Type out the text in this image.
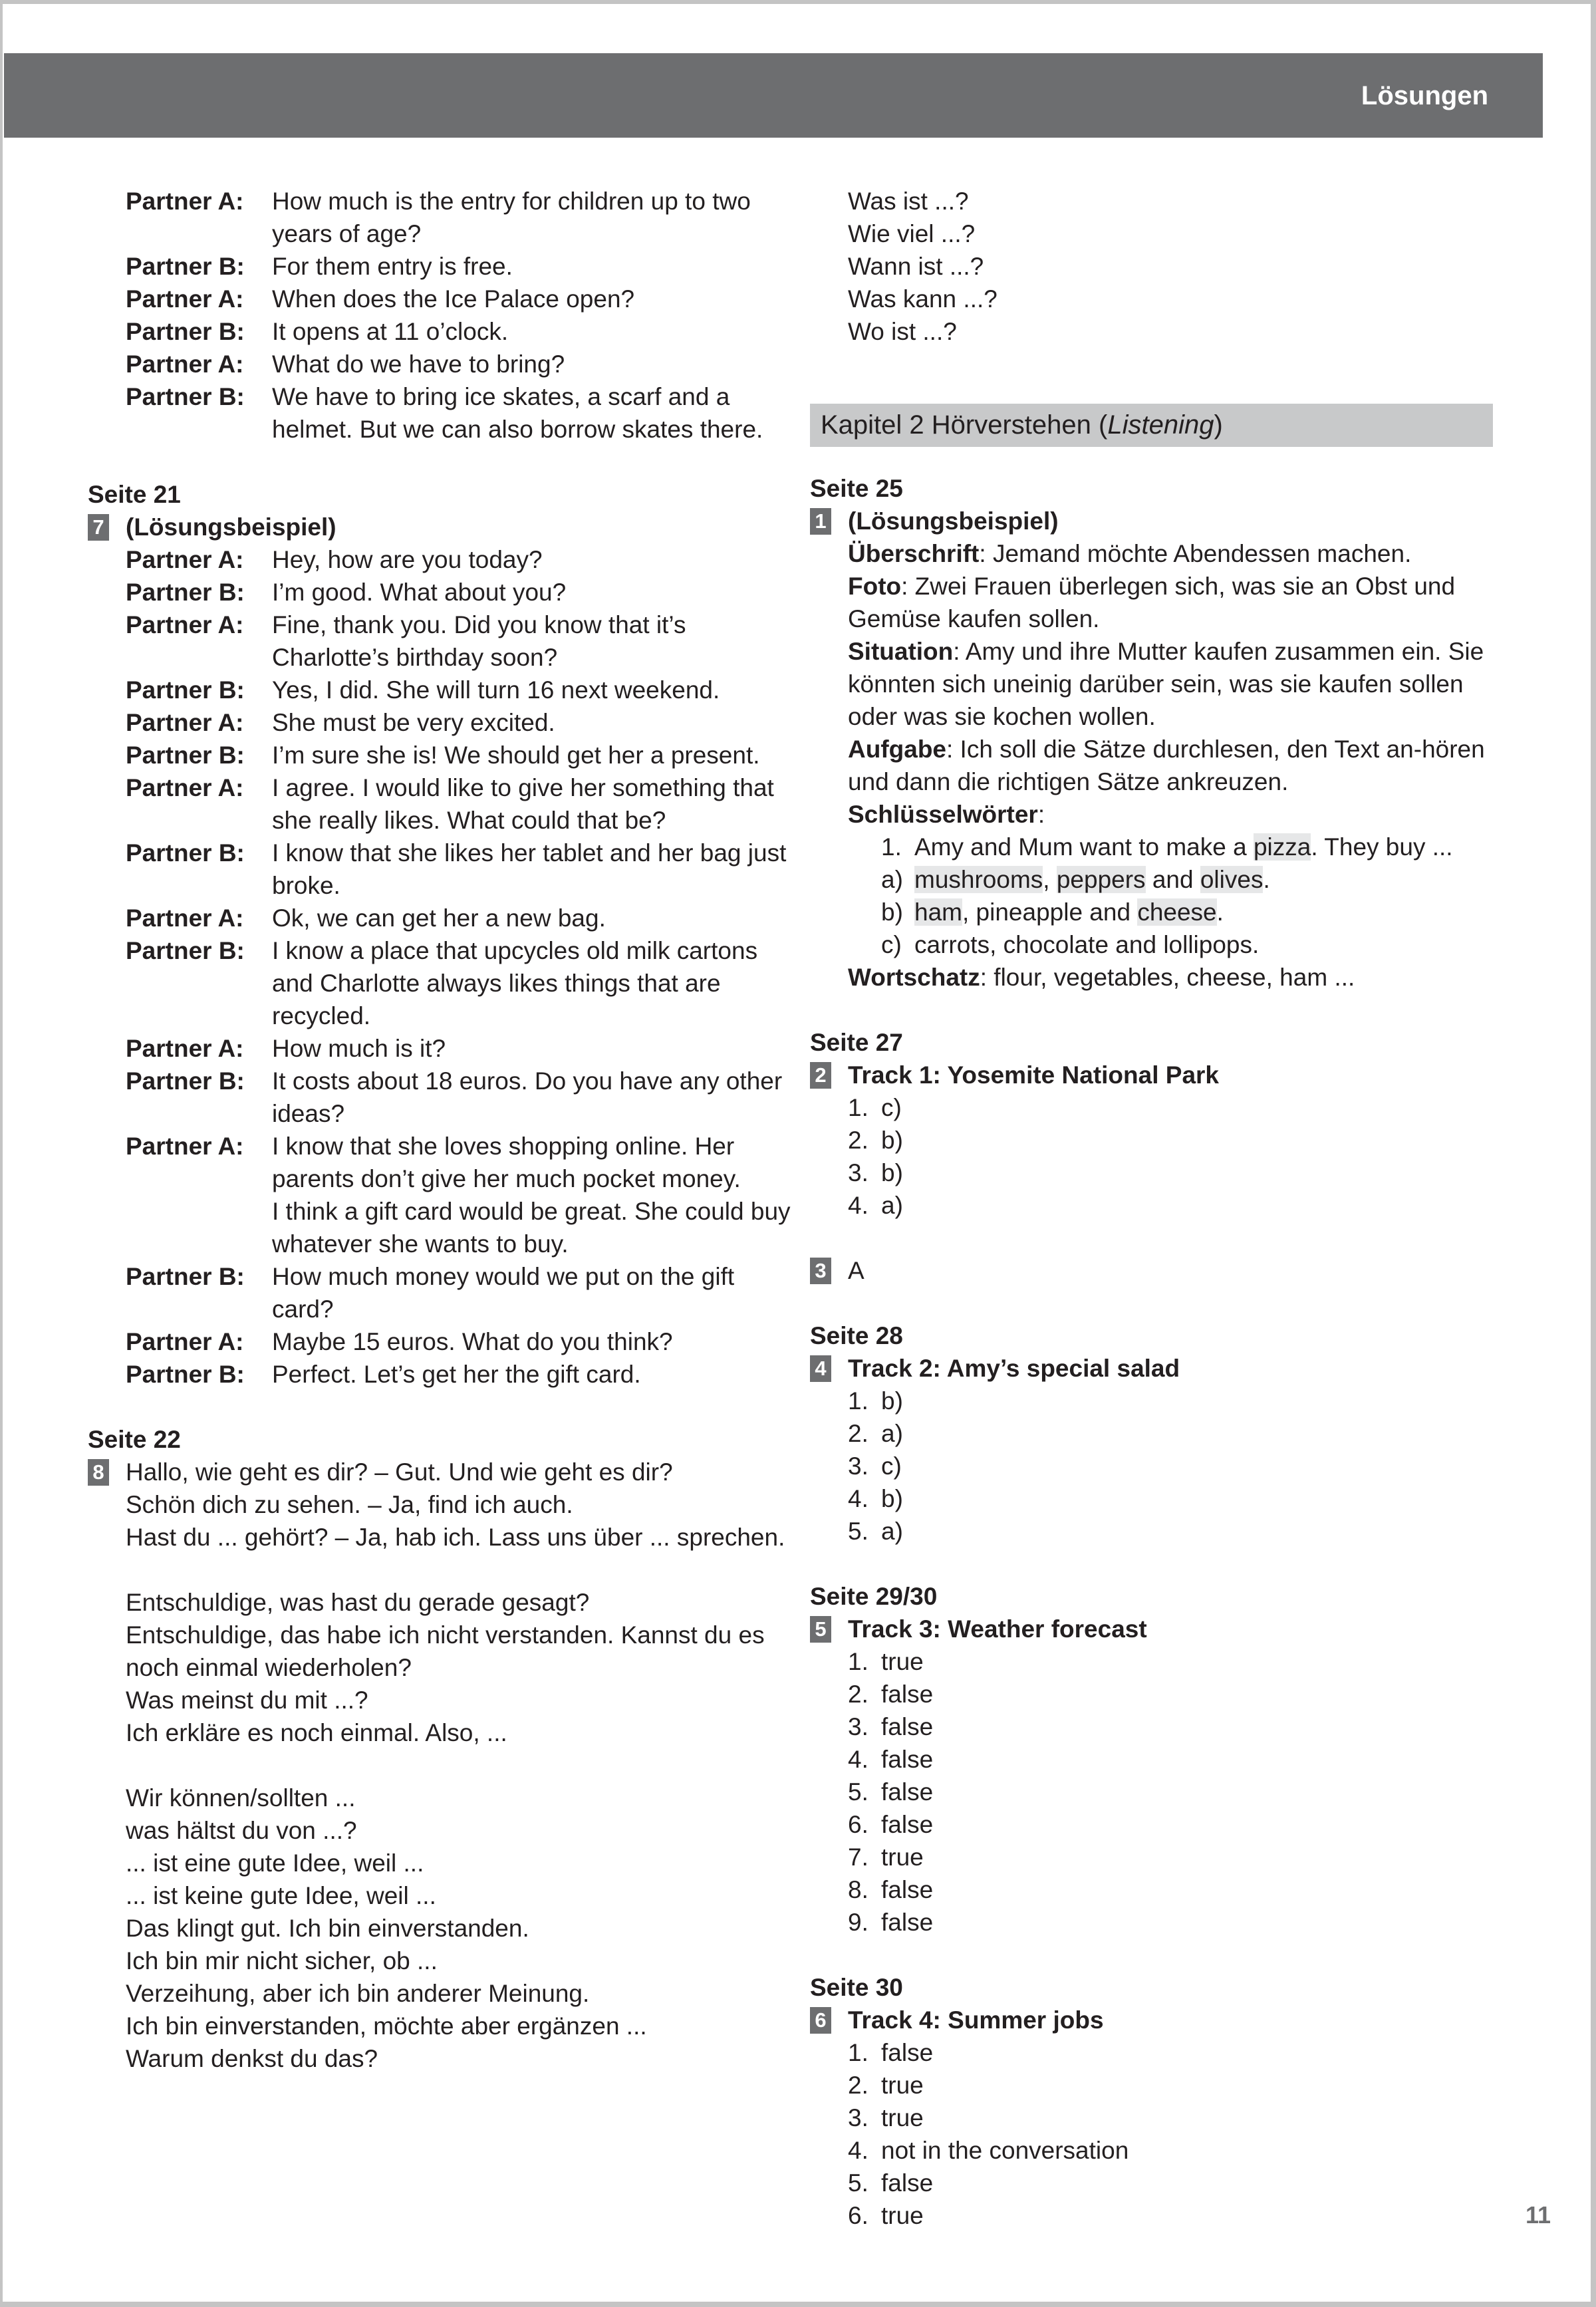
Lösungen
Partner A:	How much is the entry for children up to two years of age?
Partner B:	For them entry is free.
Partner A:	When does the Ice Palace open?
Partner B:	It opens at 11 o’clock.
Partner A:	What do we have to bring?
Partner B:	We have to bring ice skates, a scarf and a helmet. But we can also borrow skates there.
Seite 21
7 (Lösungsbeispiel)
Partner A:	Hey, how are you today?
Partner B:	I’m good. What about you?
Partner A:	Fine, thank you. Did you know that it’s Charlotte’s birthday soon?
Partner B:	Yes, I did. She will turn 16 next weekend.
Partner A:	She must be very excited.
Partner B:	I’m sure she is! We should get her a present.
Partner A:	I agree. I would like to give her something that she really likes. What could that be?
Partner B:	I know that she likes her tablet and her bag just broke.
Partner A:	Ok, we can get her a new bag.
Partner B:	I know a place that upcycles old milk cartons and Charlotte always likes things that are recycled.
Partner A:	How much is it?
Partner B:	It costs about 18 euros. Do you have any other ideas?
Partner A:	I know that she loves shopping online. Her parents don’t give her much pocket money.
I think a gift card would be great. She could buy whatever she wants to buy.
Partner B:	How much money would we put on the gift card?
Partner A:	Maybe 15 euros. What do you think?
Partner B:	Perfect. Let’s get her the gift card.
Seite 22
8 Hallo, wie geht es dir? – Gut. Und wie geht es dir?
Schön dich zu sehen. – Ja, find ich auch.
Hast du ... gehört? – Ja, hab ich. Lass uns über ... sprechen.
Entschuldige, was hast du gerade gesagt?
Entschuldige, das habe ich nicht verstanden. Kannst du es noch einmal wiederholen?
Was meinst du mit ...?
Ich erkläre es noch einmal. Also, ...
Wir können/sollten ...
was hältst du von ...?
... ist eine gute Idee, weil ...
... ist keine gute Idee, weil ...
Das klingt gut. Ich bin einverstanden.
Ich bin mir nicht sicher, ob ...
Verzeihung, aber ich bin anderer Meinung.
Ich bin einverstanden, möchte aber ergänzen ...
Warum denkst du das?
Was ist ...?
Wie viel ...?
Wann ist ...?
Was kann ...?
Wo ist ...?
Kapitel 2 Hörverstehen (Listening)
Seite 25
1 (Lösungsbeispiel)
Überschrift: Jemand möchte Abendessen machen.
Foto: Zwei Frauen überlegen sich, was sie an Obst und Gemüse kaufen sollen.
Situation: Amy und ihre Mutter kaufen zusammen ein. Sie könnten sich uneinig darüber sein, was sie kaufen sollen oder was sie kochen wollen.
Aufgabe: Ich soll die Sätze durchlesen, den Text an-hören und dann die richtigen Sätze ankreuzen.
Schlüsselwörter:
1. Amy and Mum want to make a pizza. They buy ...
a) mushrooms, peppers and olives.
b) ham, pineapple and cheese.
c) carrots, chocolate and lollipops.
Wortschatz: flour, vegetables, cheese, ham ...
Seite 27
2 Track 1: Yosemite National Park
1. c)
2. b)
3. b)
4. a)
3 A
Seite 28
4 Track 2: Amy’s special salad
1. b)
2. a)
3. c)
4. b)
5. a)
Seite 29/30
5 Track 3: Weather forecast
1. true
2. false
3. false
4. false
5. false
6. false
7. true
8. false
9. false
Seite 30
6 Track 4: Summer jobs
1. false
2. true
3. true
4. not in the conversation
5. false
6. true	11
